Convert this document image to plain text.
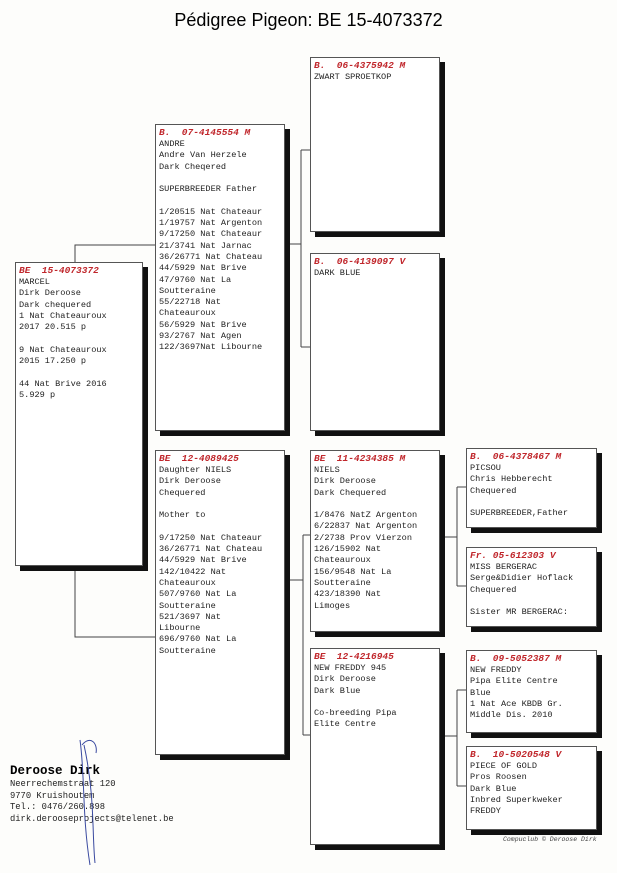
Pédigree Pigeon: BE 15-4073372
BE  15-4073372
MARCEL
Dirk Deroose
Dark chequered
1 Nat Chateauroux
2017 20.515 p
9 Nat Chateauroux
2015 17.250 p
44 Nat Brive 2016
5.929 p
B.  07-4145554 M
ANDRE
Andre Van Herzele
Dark Cheqered
SUPERBREEDER Father
1/20515 Nat Chateaur
1/19757 Nat Argenton
9/17250 Nat Chateaur
21/3741 Nat Jarnac
36/26771 Nat Chateau
44/5929 Nat Brive
47/9760 Nat La
Soutteraine
55/22718 Nat
Chateauroux
56/5929 Nat Brive
93/2767 Nat Agen
122/3697Nat Libourne
BE  12-4089425
Daughter NIELS
Dirk Deroose
Chequered
Mother to
9/17250 Nat Chateaur
36/26771 Nat Chateau
44/5929 Nat Brive
142/10422 Nat
Chateauroux
507/9760 Nat La
Soutteraine
521/3697 Nat
Libourne
696/9760 Nat La
Soutteraine
B.  06-4375942 M
ZWART SPROETKOP
B.  06-4139097 V
DARK BLUE
BE  11-4234385 M
NIELS
Dirk Deroose
Dark Chequered
1/8476 NatZ Argenton
6/22837 Nat Argenton
2/2738 Prov Vierzon
126/15902 Nat
Chateauroux
156/9548 Nat La
Soutteraine
423/18390 Nat
Limoges
BE  12-4216945
NEW FREDDY 945
Dirk Deroose
Dark Blue
Co-breeding Pipa
Elite Centre
B.  06-4378467 M
PICSOU
Chris Hebberecht
Chequered
SUPERBREEDER,Father
Fr. 05-612303 V
MISS BERGERAC
Serge&Didier Hoflack
Chequered
Sister MR BERGERAC:
B.  09-5052387 M
NEW FREDDY
Pipa Elite Centre
Blue
1 Nat Ace KBDB Gr.
Middle Dis. 2010
B.  10-5020548 V
PIECE OF GOLD
Pros Roosen
Dark Blue
Inbred Superkweker
FREDDY
Deroose Dirk
Neerrechemstraat 120
9770 Kruishoutem
Tel.: 0476/260.898
dirk.derooseprojects@telenet.be
Compuclub © Deroose Dirk
